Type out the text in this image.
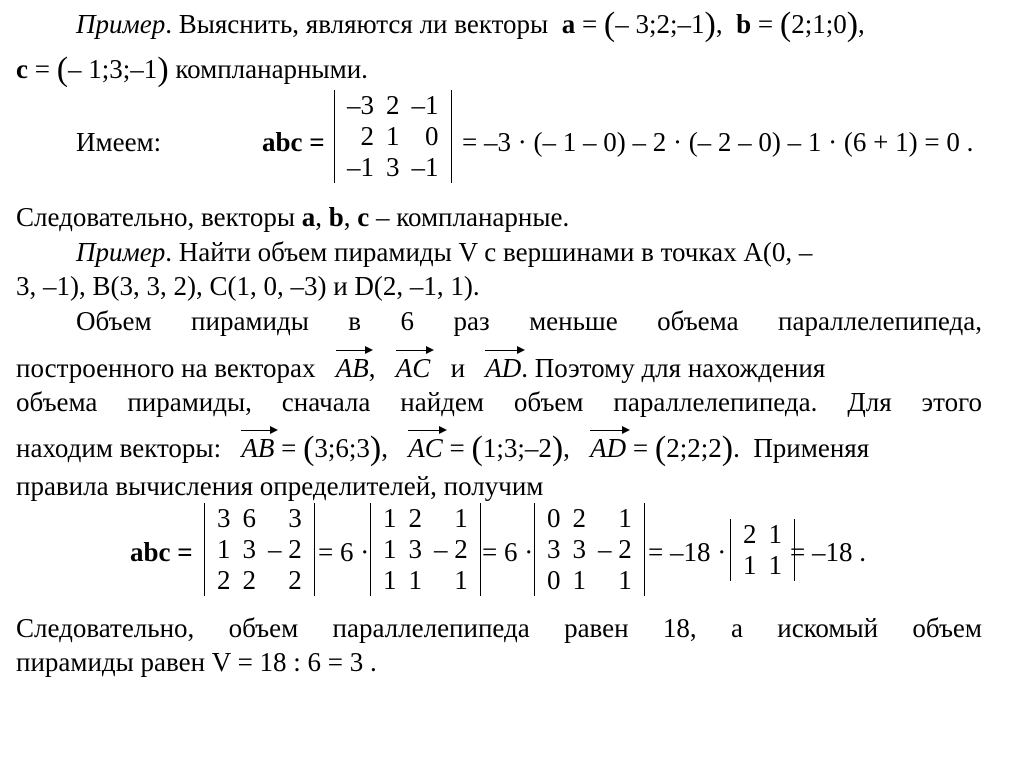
Пример. Выяснить, являются ли векторы a = (– 3;2;–1),  b = (2;1;0),
c = (– 1;3;–1) компланарными.
Имеем:	abc =
–3	2	–1
2	1	0
–1	3	–1
= –3 · (– 1 – 0) – 2 · (– 2 – 0) – 1 · (6 + 1) = 0 .
Следовательно, векторы a, b, c – компланарные.
Пример. Найти объем пирамиды V с вершинами в точках A(0, –
3, –1), B(3, 3, 2), C(1, 0, –3) и D(2, –1, 1).
Объем пирамиды в 6 раз меньше объема параллелепипеда,
построенного на векторах AB,   AC и AD. Поэтому для нахождения
объема пирамиды, сначала найдем объем параллелепипеда. Для этого
находим векторы: AB = (3;6;3),   AC = (1;3;–2),   AD = (2;2;2).  Применяя
правила вычисления определителей, получим
abc =
3	6	3
1	3	– 2
2	2	2
= 6 ·
1	2	1
1	3	– 2
1	1	1
= 6 ·
0	2	1
3	3	– 2
0	1	1
= –18 ·
2	1
1	1 = –18 .
Следовательно, объем параллелепипеда равен 18, а искомый объем
пирамиды равен V = 18 : 6 = 3 .
